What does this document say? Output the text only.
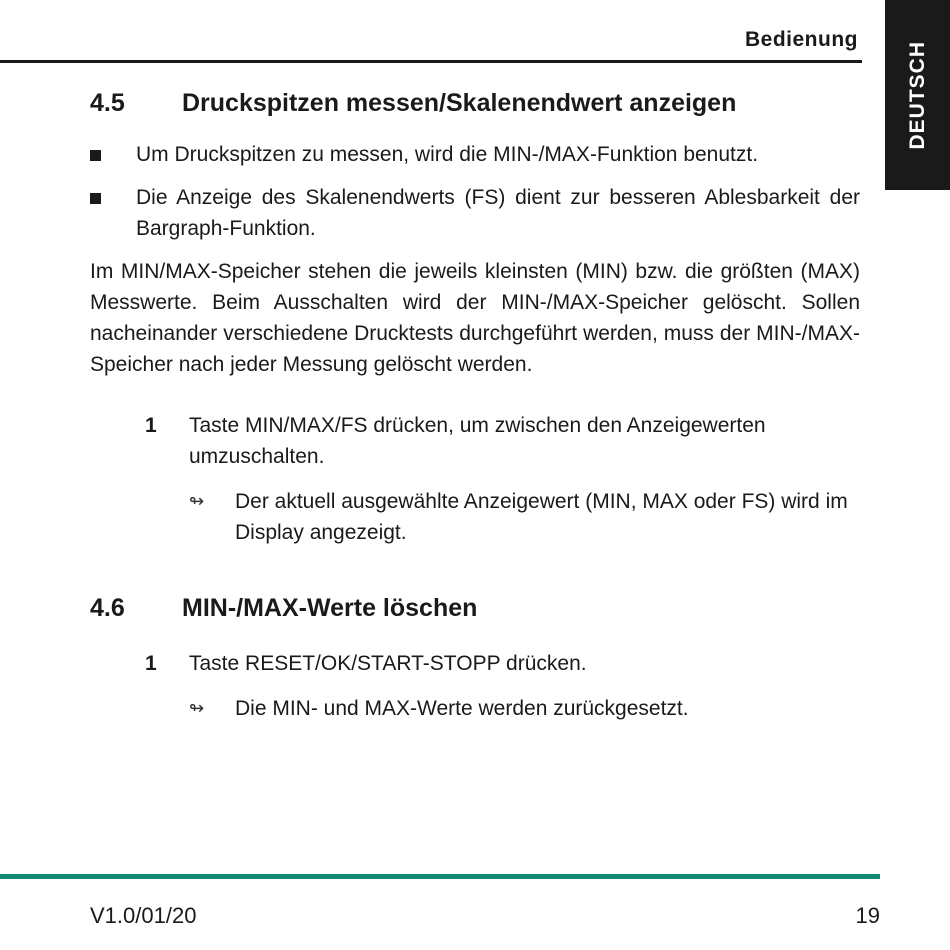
Bedienung
DEUTSCH
4.5	Druckspitzen messen/Skalenendwert anzeigen
Um Druckspitzen zu messen, wird die MIN-/MAX-Funktion benutzt.
Die Anzeige des Skalenendwerts (FS) dient zur besseren Ablesbarkeit der Bargraph-Funktion.

Im MIN/MAX-Speicher stehen die jeweils kleinsten (MIN) bzw. die größten (MAX) Messwerte. Beim Ausschalten wird der MIN-/MAX-Speicher gelöscht. Sollen nacheinander verschiedene Drucktests durchgeführt werden, muss der MIN-/MAX-Speicher nach jeder Messung gelöscht werden.

1	Taste MIN/MAX/FS drücken, um zwischen den Anzeigewerten umzuschalten.
↬	Der aktuell ausgewählte Anzeigewert (MIN, MAX oder FS) wird im Display angezeigt.
4.6	MIN-/MAX-Werte löschen
1	Taste RESET/OK/START-STOPP drücken.
↬	Die MIN- und MAX-Werte werden zurückgesetzt.
V1.0/01/20	19
